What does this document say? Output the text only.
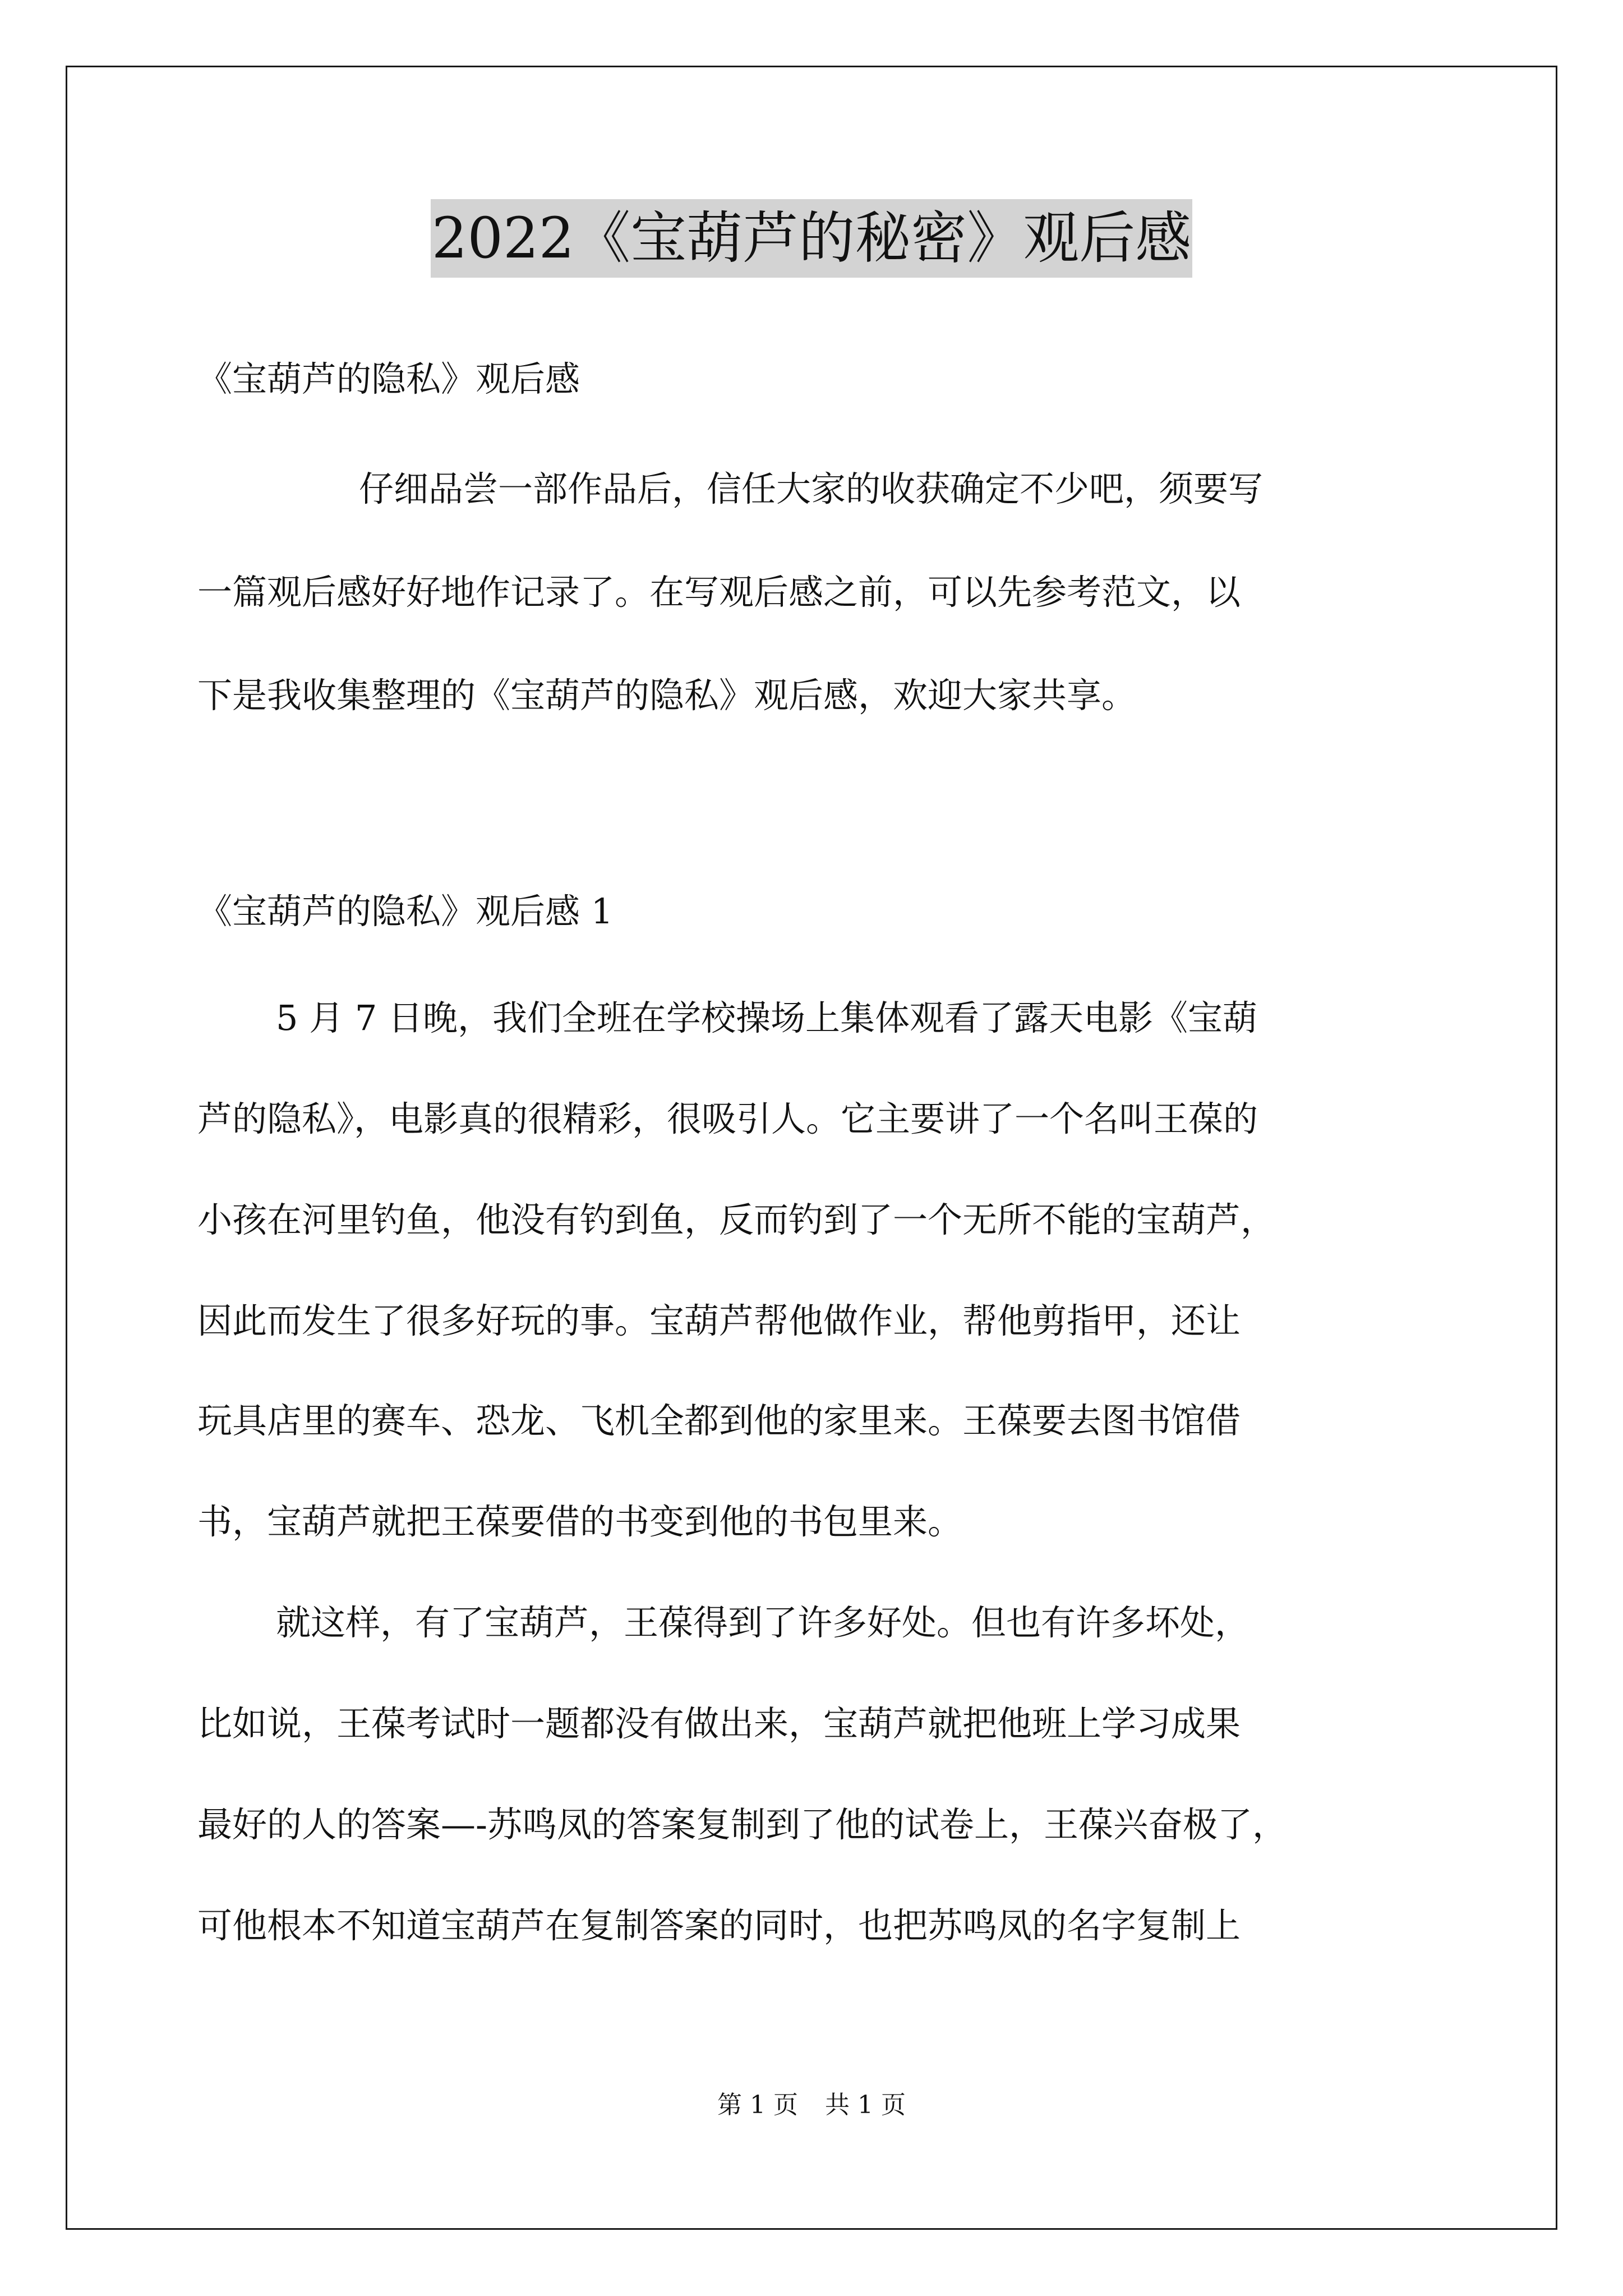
2022《宝葫芦的秘密》观后感
《宝葫芦的隐私》观后感
仔细品尝一部作品后，信任大家的收获确定不少吧，须要写
一篇观后感好好地作记录了。在写观后感之前，可以先参考范文，以
下是我收集整理的《宝葫芦的隐私》观后感，欢迎大家共享。
《宝葫芦的隐私》观后感 1
5 月 7 日晚，我们全班在学校操场上集体观看了露天电影《宝葫
芦的隐私》，电影真的很精彩，很吸引人。它主要讲了一个名叫王葆的
小孩在河里钓鱼，他没有钓到鱼，反而钓到了一个无所不能的宝葫芦，
因此而发生了很多好玩的事。宝葫芦帮他做作业，帮他剪指甲，还让
玩具店里的赛车、恐龙、飞机全都到他的家里来。王葆要去图书馆借
书，宝葫芦就把王葆要借的书变到他的书包里来。
就这样，有了宝葫芦，王葆得到了许多好处。但也有许多坏处，
比如说，王葆考试时一题都没有做出来，宝葫芦就把他班上学习成果
最好的人的答案—-苏鸣凤的答案复制到了他的试卷上，王葆兴奋极了，
可他根本不知道宝葫芦在复制答案的同时，也把苏鸣凤的名字复制上
第 1 页 共 1 页
